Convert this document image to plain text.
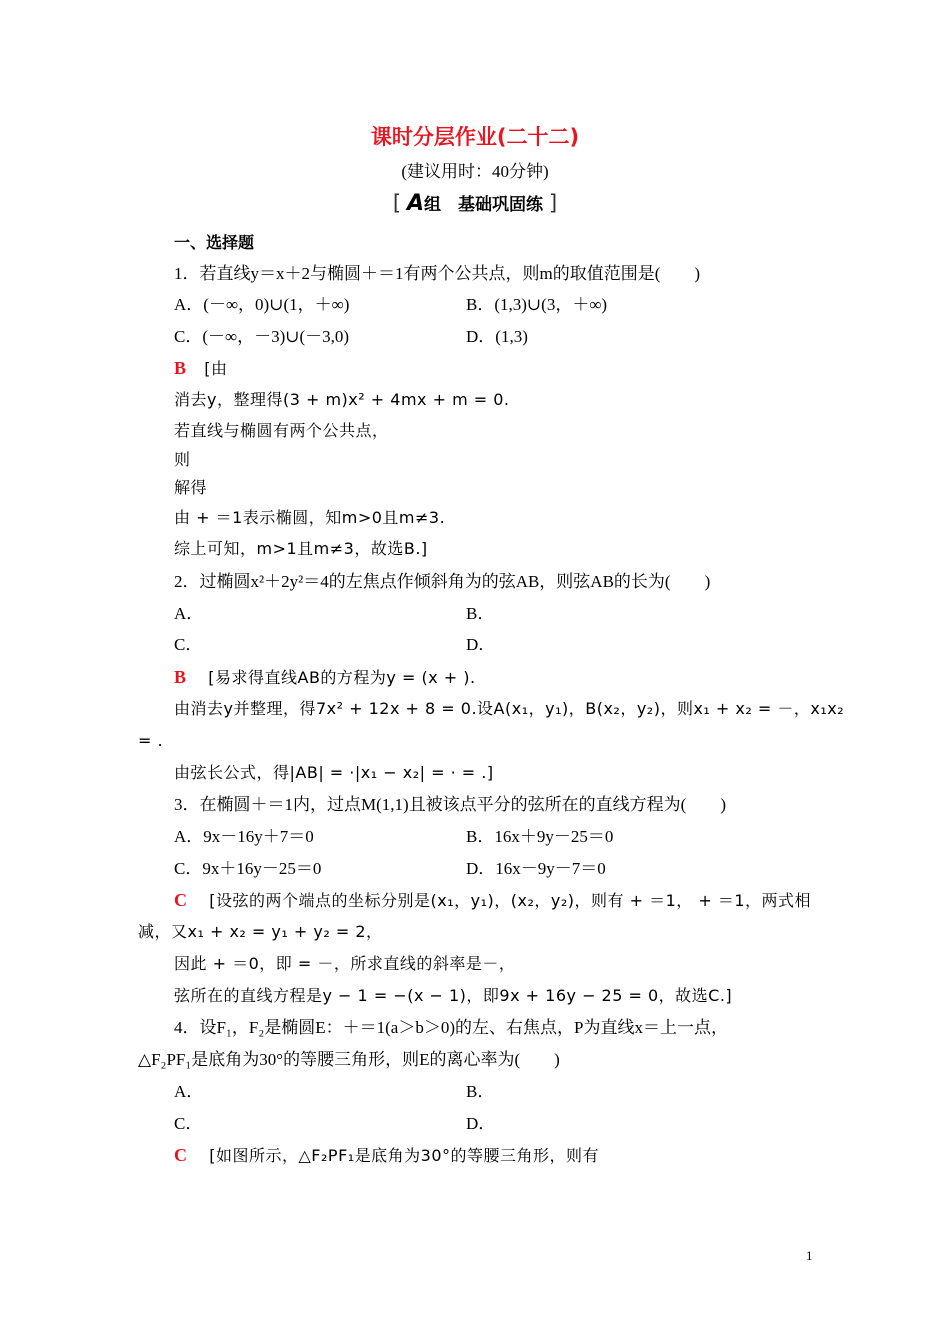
课时分层作业(二十二)
(建议用时：40分钟)
[ A组　基础巩固练 ]
一、选择题
1．若直线y＝x＋2与椭圆＋＝1有两个公共点，则m的取值范围是(　　)
A．(－∞，0)∪(1，＋∞)	B．(1,3)∪(3，＋∞)
C．(－∞，－3)∪(－3,0)	D．(1,3)
B [由
消去y，整理得(3 + m)x² + 4mx + m = 0.
若直线与椭圆有两个公共点，
则
解得
由 + ＝1表示椭圆，知m>0且m≠3.
综上可知，m>1且m≠3，故选B.]
2．过椭圆x²＋2y²＝4的左焦点作倾斜角为的弦AB，则弦AB的长为(　　)
A．	B．
C．	D．
B [易求得直线AB的方程为y = (x + ).
由消去y并整理，得7x² + 12x + 8 = 0.设A(x₁，y₁)，B(x₂，y₂)，则x₁ + x₂ = －，x₁x₂
= .
由弦长公式，得|AB| = ·|x₁ − x₂| = · = .]
3．在椭圆＋＝1内，过点M(1,1)且被该点平分的弦所在的直线方程为(　　)
A．9x－16y＋7＝0	B．16x＋9y－25＝0
C．9x＋16y－25＝0	D．16x－9y－7＝0
C [设弦的两个端点的坐标分别是(x₁，y₁)，(x₂，y₂)，则有 + ＝1， + ＝1，两式相
减，又x₁ + x₂ = y₁ + y₂ = 2，
因此 + ＝0，即 = －，所求直线的斜率是－，
弦所在的直线方程是y − 1 = −(x − 1)，即9x + 16y − 25 = 0，故选C.]
4．设F₁，F₂是椭圆E：＋＝1(a＞b＞0)的左、右焦点，P为直线x＝上一点，
△F₂PF₁是底角为30°的等腰三角形，则E的离心率为(　　)
A．	B．
C．	D．
C [如图所示，△F₂PF₁是底角为30°的等腰三角形，则有
1
